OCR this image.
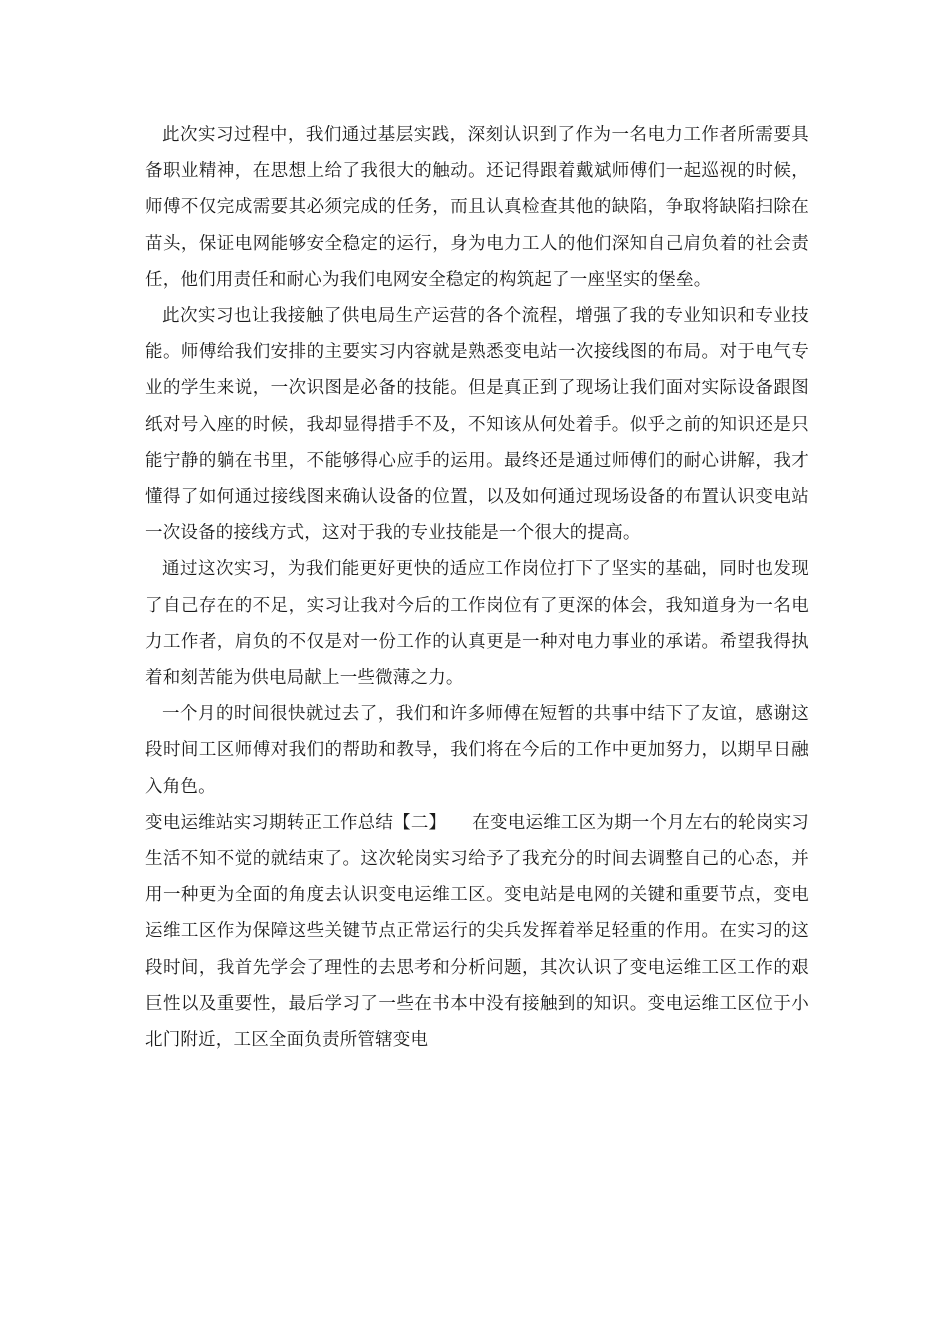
此次实习过程中，我们通过基层实践，深刻认识到了作为一名电力工作者所需要具备职业精神，在思想上给了我很大的触动。还记得跟着戴斌师傅们一起巡视的时候，师傅不仅完成需要其必须完成的任务，而且认真检查其他的缺陷，争取将缺陷扫除在苗头，保证电网能够安全稳定的运行，身为电力工人的他们深知自己肩负着的社会责任，他们用责任和耐心为我们电网安全稳定的构筑起了一座坚实的堡垒。

此次实习也让我接触了供电局生产运营的各个流程，增强了我的专业知识和专业技能。师傅给我们安排的主要实习内容就是熟悉变电站一次接线图的布局。对于电气专业的学生来说，一次识图是必备的技能。但是真正到了现场让我们面对实际设备跟图纸对号入座的时候，我却显得措手不及，不知该从何处着手。似乎之前的知识还是只能宁静的躺在书里，不能够得心应手的运用。最终还是通过师傅们的耐心讲解，我才懂得了如何通过接线图来确认设备的位置，以及如何通过现场设备的布置认识变电站一次设备的接线方式，这对于我的专业技能是一个很大的提高。

通过这次实习，为我们能更好更快的适应工作岗位打下了坚实的基础，同时也发现了自己存在的不足，实习让我对今后的工作岗位有了更深的体会，我知道身为一名电力工作者，肩负的不仅是对一份工作的认真更是一种对电力事业的承诺。希望我得执着和刻苦能为供电局献上一些微薄之力。

一个月的时间很快就过去了，我们和许多师傅在短暂的共事中结下了友谊，感谢这段时间工区师傅对我们的帮助和教导，我们将在今后的工作中更加努力，以期早日融入角色。

变电运维站实习期转正工作总结【二】 在变电运维工区为期一个月左右的轮岗实习生活不知不觉的就结束了。这次轮岗实习给予了我充分的时间去调整自己的心态，并用一种更为全面的角度去认识变电运维工区。变电站是电网的关键和重要节点，变电运维工区作为保障这些关键节点正常运行的尖兵发挥着举足轻重的作用。在实习的这段时间，我首先学会了理性的去思考和分析问题，其次认识了变电运维工区工作的艰巨性以及重要性，最后学习了一些在书本中没有接触到的知识。变电运维工区位于小北门附近，工区全面负责所管辖变电
